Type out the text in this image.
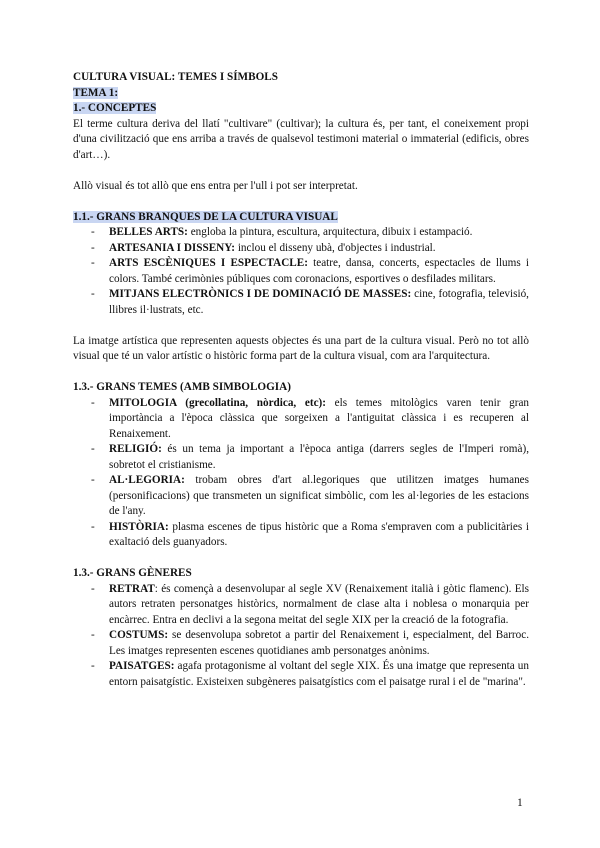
CULTURA VISUAL: TEMES I SÍMBOLS

TEMA 1:

1.- CONCEPTES

El terme cultura deriva del llatí "cultivare" (cultivar); la cultura és, per tant, el coneixement propi d'una civilització que ens arriba a través de qualsevol testimoni material o immaterial (edificis, obres d'art…).

Allò visual és tot allò que ens entra per l'ull i pot ser interpretat.

1.1.- GRANS BRANQUES DE LA CULTURA VISUAL

- BELLES ARTS: engloba la pintura, escultura, arquitectura, dibuix i estampació.
- ARTESANIA I DISSENY: inclou el disseny ubà, d'objectes i industrial.
- ARTS ESCÈNIQUES I ESPECTACLE: teatre, dansa, concerts, espectacles de llums i colors. També cerimònies públiques com coronacions, esportives o desfilades militars.
- MITJANS ELECTRÒNICS I DE DOMINACIÓ DE MASSES: cine, fotografia, televisió, llibres il·lustrats, etc.

La imatge artística que representen aquests objectes és una part de la cultura visual. Però no tot allò visual que té un valor artístic o històric forma part de la cultura visual, com ara l'arquitectura.

1.3.- GRANS TEMES (AMB SIMBOLOGIA)

- MITOLOGIA (grecollatina, nòrdica, etc): els temes mitològics varen tenir gran importància a l'època clàssica que sorgeixen a l'antiguitat clàssica i es recuperen al Renaixement.
- RELIGIÓ: és un tema ja important a l'època antiga (darrers segles de l'Imperi romà), sobretot el cristianisme.
- AL·LEGORIA: trobam obres d'art al.legoriques que utilitzen imatges humanes (personificacions) que transmeten un significat simbòlic, com les al·legories de les estacions de l'any.
- HISTÒRIA: plasma escenes de tipus històric que a Roma s'empraven com a publicitàries i exaltació dels guanyadors.

1.3.- GRANS GÈNERES

- RETRAT: és començà a desenvolupar al segle XV (Renaixement italià i gòtic flamenc). Els autors retraten personatges històrics, normalment de clase alta i noblesa o monarquia per encàrrec. Entra en declivi a la segona meitat del segle XIX per la creació de la fotografia.
- COSTUMS: se desenvolupa sobretot a partir del Renaixement i, especialment, del Barroc. Les imatges representen escenes quotidianes amb personatges anònims.
- PAISATGES: agafa protagonisme al voltant del segle XIX. És una imatge que representa un entorn paisatgístic. Existeixen subgèneres paisatgístics com el paisatge rural i el de "marina".
1
